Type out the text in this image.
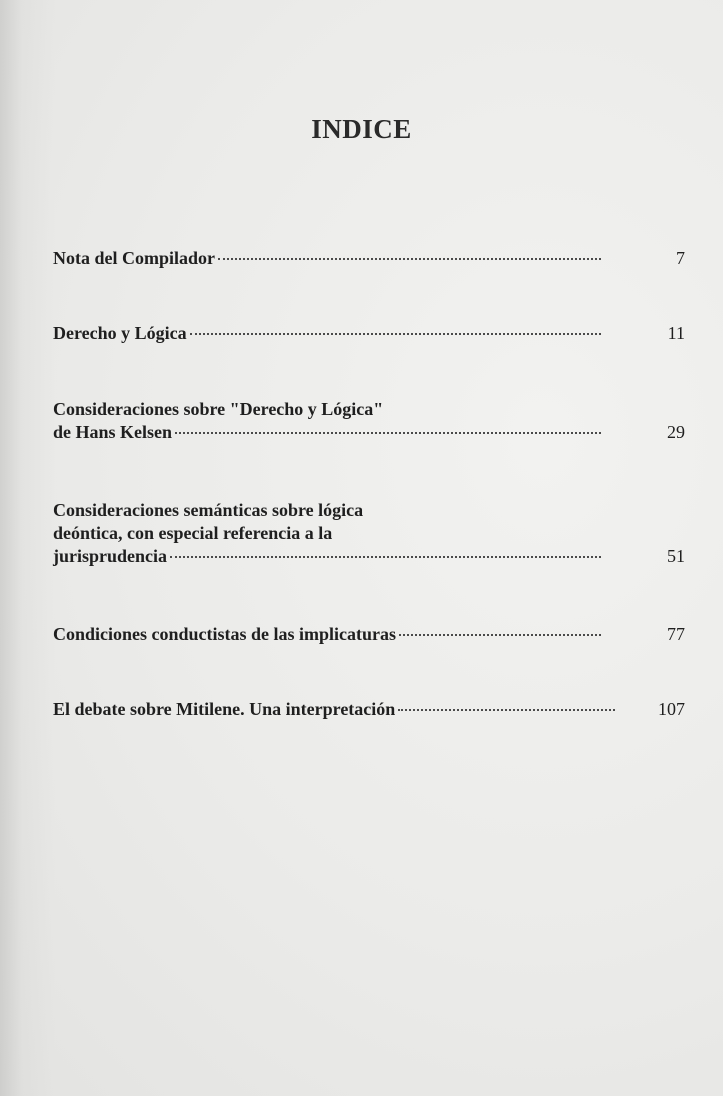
INDICE
Nota del Compilador	7
Derecho y Lógica	11
Consideraciones sobre "Derecho y Lógica"
de Hans Kelsen	29
Consideraciones semánticas sobre lógica
deóntica, con especial referencia a la
jurisprudencia	51
Condiciones conductistas de las implicaturas	77
El debate sobre Mitilene. Una interpretación	107
